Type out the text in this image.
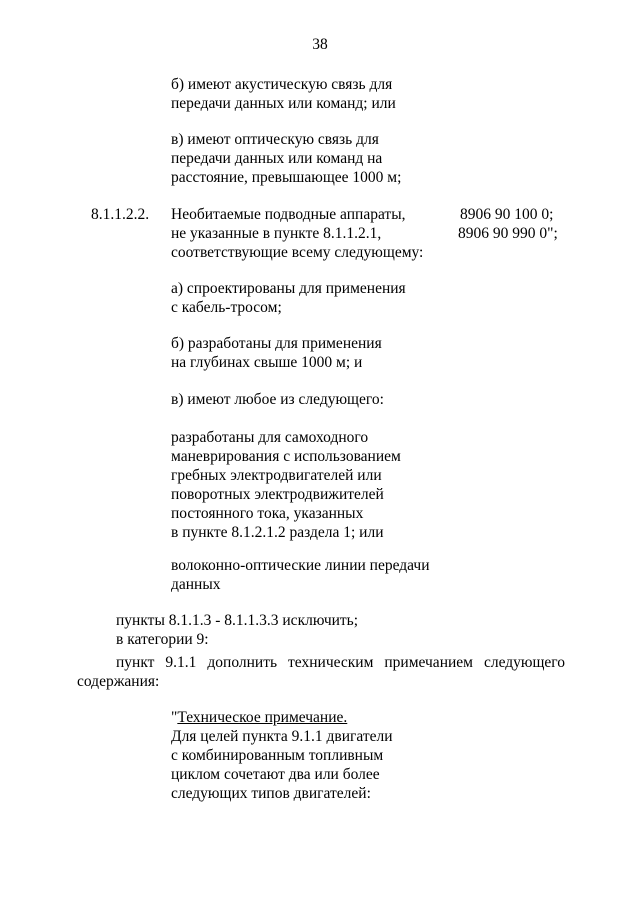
38
б) имеют акустическую связь для
передачи данных или команд; или
в) имеют оптическую связь для
передачи данных или команд на
расстояние, превышающее 1000 м;
8.1.1.2.2. Необитаемые подводные аппараты,
не указанные в пункте 8.1.1.2.1,
соответствующие всему следующему:
8906 90 100 0;
8906 90 990 0";
а) спроектированы для применения
с кабель-тросом;
б) разработаны для применения
на глубинах свыше 1000 м; и
в) имеют любое из следующего:
разработаны для самоходного
маневрирования с использованием
гребных электродвигателей или
поворотных электродвижителей
постоянного тока, указанных
в пункте 8.1.2.1.2 раздела 1; или
волоконно-оптические линии передачи
данных
пункты 8.1.1.3 - 8.1.1.3.3 исключить;
в категории 9:
пункт 9.1.1 дополнить техническим примечанием следующего
содержания:
"Техническое примечание.
Для целей пункта 9.1.1 двигатели
с комбинированным топливным
циклом сочетают два или более
следующих типов двигателей:
